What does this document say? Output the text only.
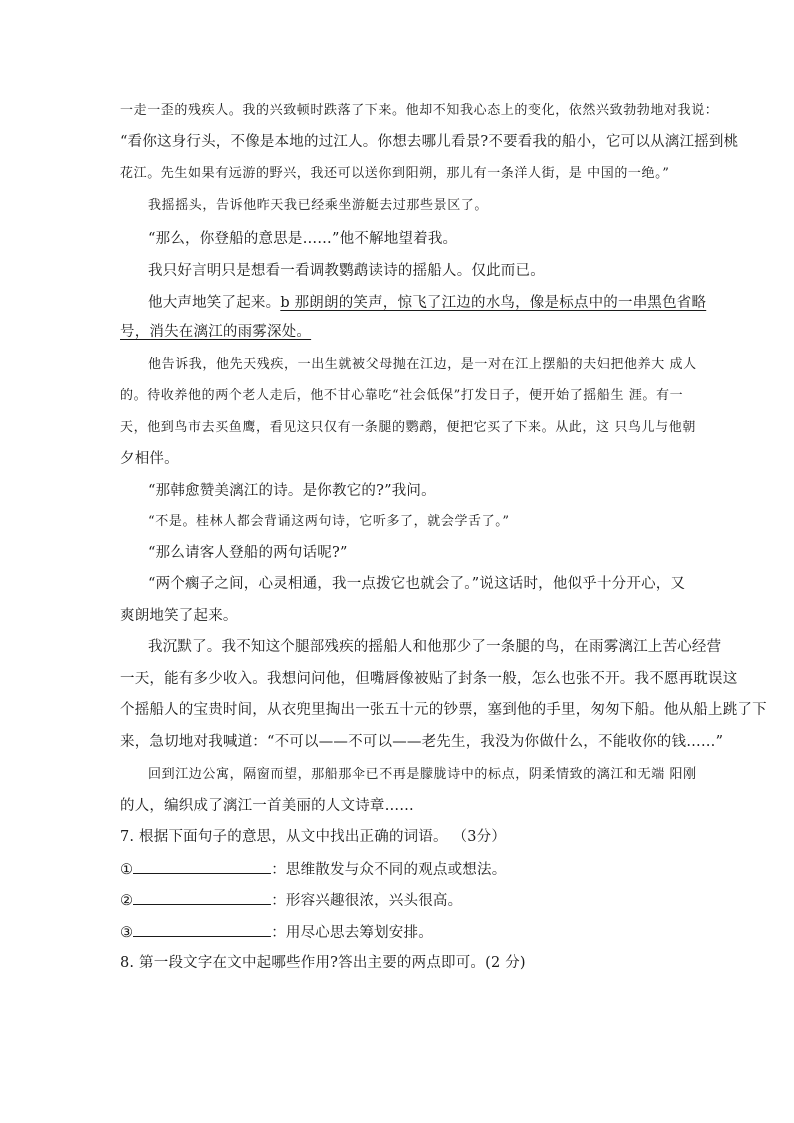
一走一歪的残疾人。我的兴致顿时跌落了下来。他却不知我心态上的变化，依然兴致勃勃地对我说：
“看你这身行头，不像是本地的过江人。你想去哪儿看景?不要看我的船小，它可以从漓江摇到桃
花江。先生如果有远游的野兴，我还可以送你到阳朔，那儿有一条洋人街，是 中国的一绝。”
我摇摇头，告诉他昨天我已经乘坐游艇去过那些景区了。
“那么，你登船的意思是……”他不解地望着我。
我只好言明只是想看一看调教鹦鹉读诗的摇船人。仅此而已。
他大声地笑了起来。b 那朗朗的笑声，惊飞了江边的水鸟，像是标点中的一串黑色省略
号，消失在漓江的雨雾深处。
他告诉我，他先天残疾，一出生就被父母抛在江边，是一对在江上摆船的夫妇把他养大 成人
的。待收养他的两个老人走后，他不甘心靠吃“社会低保”打发日子，便开始了摇船生 涯。有一
天，他到鸟市去买鱼鹰，看见这只仅有一条腿的鹦鹉，便把它买了下来。从此，这 只鸟儿与他朝
夕相伴。
“那韩愈赞美漓江的诗。是你教它的?”我问。
“不是。桂林人都会背诵这两句诗，它听多了，就会学舌了。”
“那么请客人登船的两句话呢?”
“两个瘸子之间，心灵相通，我一点拨它也就会了。”说这话时，他似乎十分开心，又
爽朗地笑了起来。
我沉默了。我不知这个腿部残疾的摇船人和他那少了一条腿的鸟，在雨雾漓江上苦心经营
一天，能有多少收入。我想问问他，但嘴唇像被贴了封条一般，怎么也张不开。我不愿再耽误这
个摇船人的宝贵时间，从衣兜里掏出一张五十元的钞票，塞到他的手里，匆匆下船。他从船上跳了下
来，急切地对我喊道：“不可以——不可以——老先生，我没为你做什么，不能收你的钱……”
回到江边公寓，隔窗而望，那船那伞已不再是朦胧诗中的标点，阴柔情致的漓江和无端 阳刚
的人，编织成了漓江一首美丽的人文诗章……
7. 根据下面句子的意思，从文中找出正确的词语。 （3分）
①	：思维散发与众不同的观点或想法。
②	：形容兴趣很浓，兴头很高。
③	：用尽心思去筹划安排。
8. 第一段文字在文中起哪些作用?答出主要的两点即可。(2 分)
